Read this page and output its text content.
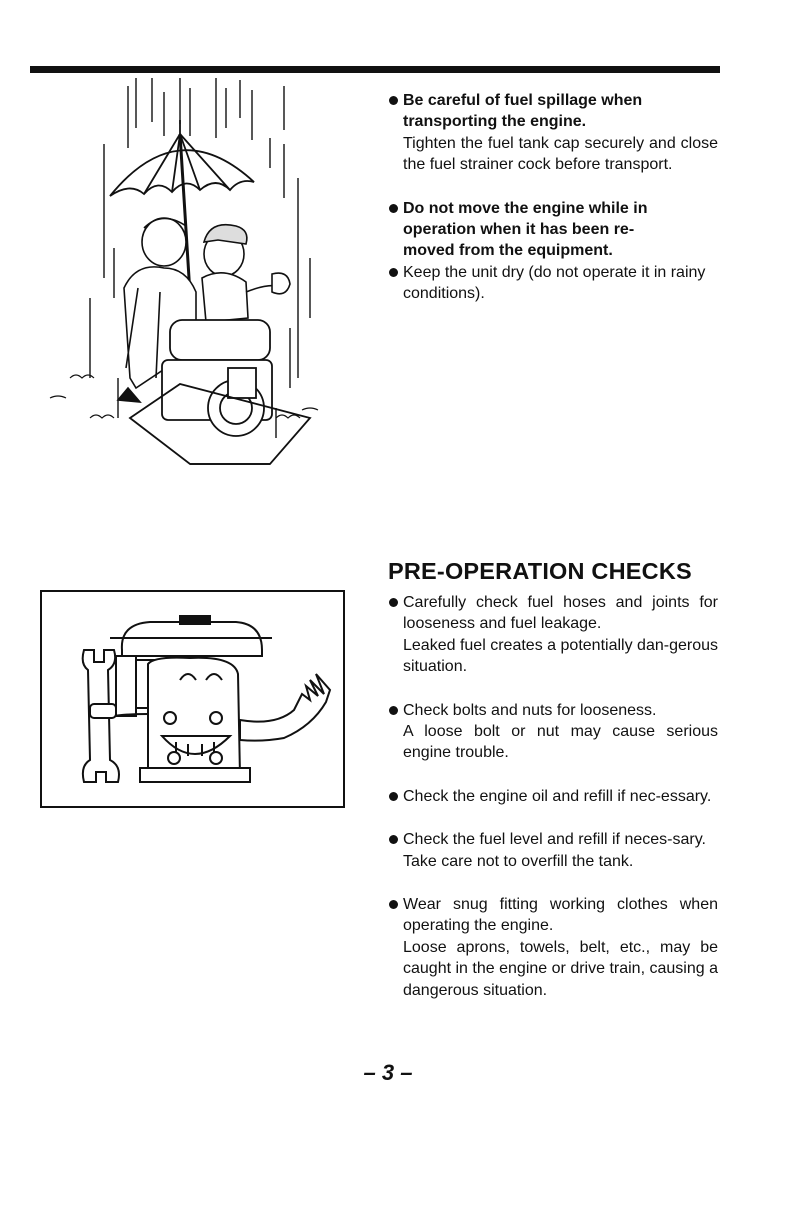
Be careful of fuel spillage when
transporting the engine.
Tighten the fuel tank cap securely and close the fuel strainer cock before transport.
Do not move the engine while in
operation when it has been re-
moved from the equipment.
Keep the unit dry (do not operate it in rainy conditions).
PRE-OPERATION CHECKS
Carefully check fuel hoses and joints for looseness and fuel leakage.
Leaked fuel creates a potentially dan-gerous situation.
Check bolts and nuts for looseness.
A loose bolt or nut may cause serious engine trouble.
Check the engine oil and refill if nec-essary.
Check the fuel level and refill if neces-sary.
Take care not to overfill the tank.
Wear snug fitting working clothes when operating the engine.
Loose aprons, towels, belt, etc., may be caught in the engine or drive train, causing a dangerous situation.
– 3 –
